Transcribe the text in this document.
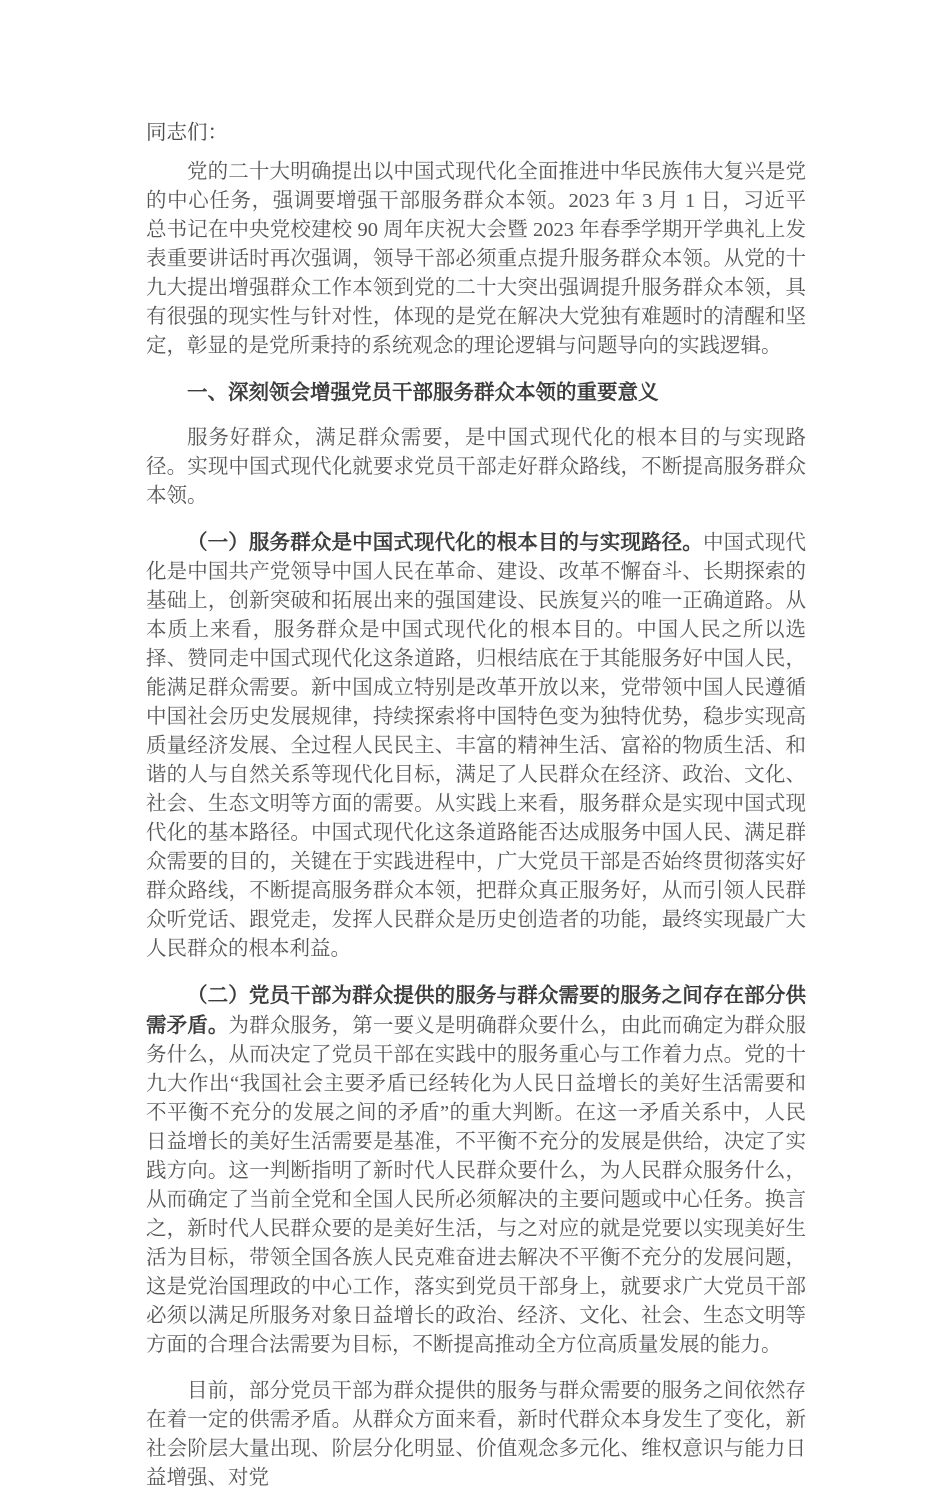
同志们：

党的二十大明确提出以中国式现代化全面推进中华民族伟大复兴是党的中心任务，强调要增强干部服务群众本领。2023 年 3 月 1 日，习近平总书记在中央党校建校 90 周年庆祝大会暨 2023 年春季学期开学典礼上发表重要讲话时再次强调，领导干部必须重点提升服务群众本领。从党的十九大提出增强群众工作本领到党的二十大突出强调提升服务群众本领，具有很强的现实性与针对性，体现的是党在解决大党独有难题时的清醒和坚定，彰显的是党所秉持的系统观念的理论逻辑与问题导向的实践逻辑。

一、深刻领会增强党员干部服务群众本领的重要意义

服务好群众，满足群众需要，是中国式现代化的根本目的与实现路径。实现中国式现代化就要求党员干部走好群众路线，不断提高服务群众本领。

（一）服务群众是中国式现代化的根本目的与实现路径。中国式现代化是中国共产党领导中国人民在革命、建设、改革不懈奋斗、长期探索的基础上，创新突破和拓展出来的强国建设、民族复兴的唯一正确道路。从本质上来看，服务群众是中国式现代化的根本目的。中国人民之所以选择、赞同走中国式现代化这条道路，归根结底在于其能服务好中国人民，能满足群众需要。新中国成立特别是改革开放以来，党带领中国人民遵循中国社会历史发展规律，持续探索将中国特色变为独特优势，稳步实现高质量经济发展、全过程人民民主、丰富的精神生活、富裕的物质生活、和谐的人与自然关系等现代化目标，满足了人民群众在经济、政治、文化、社会、生态文明等方面的需要。从实践上来看，服务群众是实现中国式现代化的基本路径。中国式现代化这条道路能否达成服务中国人民、满足群众需要的目的，关键在于实践进程中，广大党员干部是否始终贯彻落实好群众路线，不断提高服务群众本领，把群众真正服务好，从而引领人民群众听党话、跟党走，发挥人民群众是历史创造者的功能，最终实现最广大人民群众的根本利益。

（二）党员干部为群众提供的服务与群众需要的服务之间存在部分供需矛盾。为群众服务，第一要义是明确群众要什么，由此而确定为群众服务什么，从而决定了党员干部在实践中的服务重心与工作着力点。党的十九大作出“我国社会主要矛盾已经转化为人民日益增长的美好生活需要和不平衡不充分的发展之间的矛盾”的重大判断。在这一矛盾关系中，人民日益增长的美好生活需要是基准，不平衡不充分的发展是供给，决定了实践方向。这一判断指明了新时代人民群众要什么，为人民群众服务什么，从而确定了当前全党和全国人民所必须解决的主要问题或中心任务。换言之，新时代人民群众要的是美好生活，与之对应的就是党要以实现美好生活为目标，带领全国各族人民克难奋进去解决不平衡不充分的发展问题，这是党治国理政的中心工作，落实到党员干部身上，就要求广大党员干部必须以满足所服务对象日益增长的政治、经济、文化、社会、生态文明等方面的合理合法需要为目标，不断提高推动全方位高质量发展的能力。

目前，部分党员干部为群众提供的服务与群众需要的服务之间依然存在着一定的供需矛盾。从群众方面来看，新时代群众本身发生了变化，新社会阶层大量出现、阶层分化明显、价值观念多元化、维权意识与能力日益增强、对党
